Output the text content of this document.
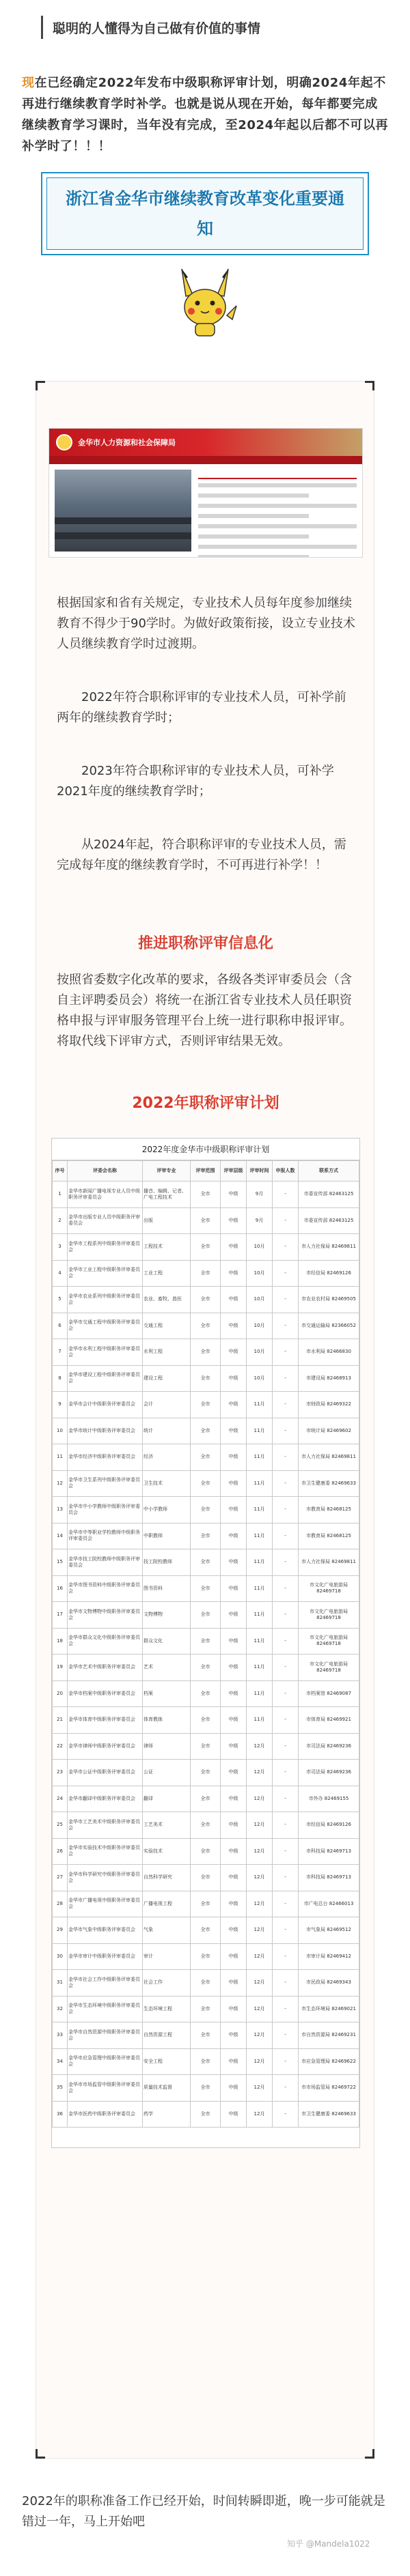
聪明的人懂得为自己做有价值的事情
现在已经确定2022年发布中级职称评审计划，明确2024年起不再进行继续教育学时补学。也就是说从现在开始，每年都要完成继续教育学习课时，当年没有完成，至2024年起以后都不可以再补学时了！！！
浙江省金华市继续教育改革变化重要通知
金华市人力资源和社会保障局

根据国家和省有关规定，专业技术人员每年度参加继续教育不得少于90学时。为做好政策衔接，设立专业技术人员继续教育学时过渡期。

2022年符合职称评审的专业技术人员，可补学前两年的继续教育学时；

2023年符合职称评审的专业技术人员，可补学2021年度的继续教育学时；

从2024年起，符合职称评审的专业技术人员，需完成每年度的继续教育学时，不可再进行补学！！

推进职称评审信息化

按照省委数字化改革的要求，各级各类评审委员会（含自主评聘委员会）将统一在浙江省专业技术人员任职资格申报与评审服务管理平台上统一进行职称申报评审。将取代线下评审方式，否则评审结果无效。

2022年职称评审计划
2022年度金华市中级职称评审计划
序号	评委会名称	评审专业	评审范围	评审层级	评审时间	申报人数	联系方式
1	金华市新闻广播电视专业人员中级职务评审委员会	播音、编辑、记者、广电工程技术	全市	中级	9月	-	市委宣传部 82463125
2	金华市出版专业人员中级职务评审委员会	出版	全市	中级	9月	-	市委宣传部 82463125
3	金华市工程系列中级职务评审委员会	工程技术	全市	中级	10月	-	市人力社保局 82469811
4	金华市工业工程中级职务评审委员会	工业工程	全市	中级	10月	-	市经信局 82469126
5	金华市农业系列中级职务评审委员会	农业、畜牧、兽医	全市	中级	10月	-	市农业农村局 82469505
6	金华市交通工程中级职务评审委员会	交通工程	全市	中级	10月	-	市交通运输局 82366052
7	金华市水利工程中级职务评审委员会	水利工程	全市	中级	10月	-	市水利局 82466830
8	金华市建设工程中级职务评审委员会	建设工程	全市	中级	10月	-	市建设局 82468913
9	金华市会计中级职务评审委员会	会计	全市	中级	11月	-	市财政局 82469322
10	金华市统计中级职务评审委员会	统计	全市	中级	11月	-	市统计局 82469602
11	金华市经济中级职务评审委员会	经济	全市	中级	11月	-	市人力社保局 82469811
12	金华市卫生系列中级职务评审委员会	卫生技术	全市	中级	11月	-	市卫生健康委 82469633
13	金华市中小学教师中级职务评审委员会	中小学教师	全市	中级	11月	-	市教育局 82468125
14	金华市中等职业学校教师中级职务评审委员会	中职教师	全市	中级	11月	-	市教育局 82468125
15	金华市技工院校教师中级职务评审委员会	技工院校教师	全市	中级	11月	-	市人力社保局 82469811
16	金华市图书资料中级职务评审委员会	图书资料	全市	中级	11月	-	市文化广电旅游局 82469718
17	金华市文物博物中级职务评审委员会	文物博物	全市	中级	11月	-	市文化广电旅游局 82469718
18	金华市群众文化中级职务评审委员会	群众文化	全市	中级	11月	-	市文化广电旅游局 82469718
19	金华市艺术中级职务评审委员会	艺术	全市	中级	11月	-	市文化广电旅游局 82469718
20	金华市档案中级职务评审委员会	档案	全市	中级	11月	-	市档案馆 82469087
21	金华市体育中级职务评审委员会	体育教练	全市	中级	11月	-	市体育局 82469921
22	金华市律师中级职务评审委员会	律师	全市	中级	12月	-	市司法局 82469236
23	金华市公证中级职务评审委员会	公证	全市	中级	12月	-	市司法局 82469236
24	金华市翻译中级职务评审委员会	翻译	全市	中级	12月	-	市外办 82469155
25	金华市工艺美术中级职务评审委员会	工艺美术	全市	中级	12月	-	市经信局 82469126
26	金华市实验技术中级职务评审委员会	实验技术	全市	中级	12月	-	市科技局 82469713
27	金华市科学研究中级职务评审委员会	自然科学研究	全市	中级	12月	-	市科技局 82469713
28	金华市广播电视中级职务评审委员会	广播电视工程	全市	中级	12月	-	市广电总台 82466013
29	金华市气象中级职务评审委员会	气象	全市	中级	12月	-	市气象局 82469512
30	金华市审计中级职务评审委员会	审计	全市	中级	12月	-	市审计局 82469412
31	金华市社会工作中级职务评审委员会	社会工作	全市	中级	12月	-	市民政局 82469343
32	金华市生态环境中级职务评审委员会	生态环境工程	全市	中级	12月	-	市生态环境局 82469021
33	金华市自然资源中级职务评审委员会	自然资源工程	全市	中级	12月	-	市自然资源局 82469231
34	金华市应急管理中级职务评审委员会	安全工程	全市	中级	12月	-	市应急管理局 82469622
35	金华市市场监管中级职务评审委员会	质量技术监督	全市	中级	12月	-	市市场监管局 82469722
36	金华市医药中级职务评审委员会	药学	全市	中级	12月	-	市卫生健康委 82469633
2022年的职称准备工作已经开始，时间转瞬即逝，晚一步可能就是错过一年，马上开始吧
知乎 @Mandela1022
